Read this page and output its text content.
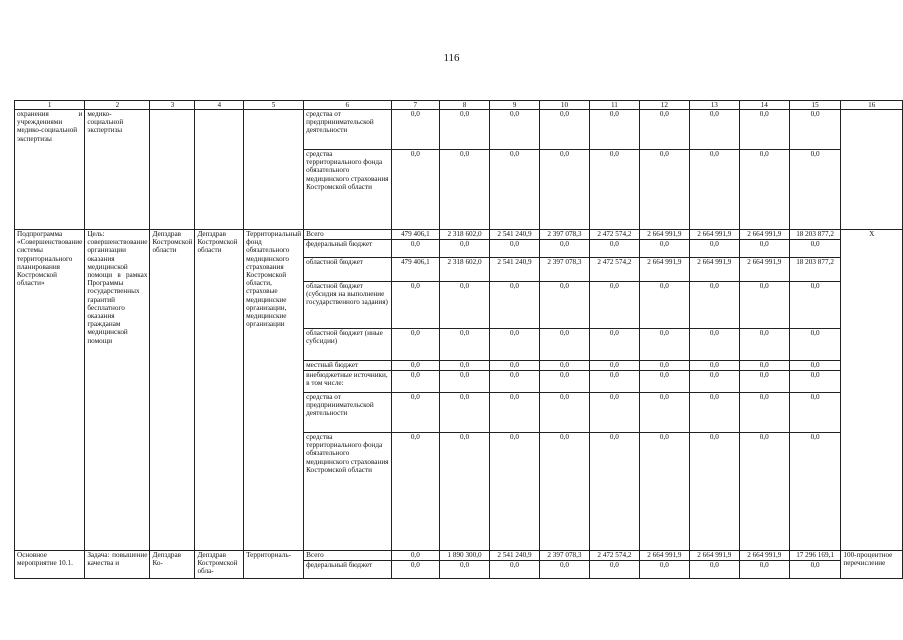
116
1	2	3	4	5	6	7	8	9	10	11	12	13	14	15	16
охранения и учреждениями медико-социальной экспертизы	медико-социальной экспертизы				средства от предпринимательской деятельности	0,0	0,0	0,0	0,0	0,0	0,0	0,0	0,0	0,0	
					средства территориального фонда обязательного медицинского страхования Костромской области	0,0	0,0	0,0	0,0	0,0	0,0	0,0	0,0	0,0	
Подпрограмма «Совершенствование системы территориального планирования Костромской области»	Цель: совершенствование организации оказания медицинской помощи в рамках Программы государственных гарантий бесплатного оказания гражданам медицинской помощи	Депздрав Костромской области	Депздрав Костромской области	Территориальный фонд обязательного медицинского страхования Костромской области, страховые медицинские организации, медицинские организации	Всего	479 406,1	2 318 602,0	2 541 240,9	2 397 078,3	2 472 574,2	2 664 991,9	2 664 991,9	2 664 991,9	18 203 877,2	Х
					федеральный бюджет	0,0	0,0	0,0	0,0	0,0	0,0	0,0	0,0	0,0	
					областной бюджет	479 406,1	2 318 602,0	2 541 240,9	2 397 078,3	2 472 574,2	2 664 991,9	2 664 991,9	2 664 991,9	18 203 877,2	
					областной бюджет (субсидия на выполнение государственного задания)	0,0	0,0	0,0	0,0	0,0	0,0	0,0	0,0	0,0	
					областной бюджет (иные субсидии)	0,0	0,0	0,0	0,0	0,0	0,0	0,0	0,0	0,0	
					местный бюджет	0,0	0,0	0,0	0,0	0,0	0,0	0,0	0,0	0,0	
					внебюджетные источники, в том числе:	0,0	0,0	0,0	0,0	0,0	0,0	0,0	0,0	0,0	
					средства от предпринимательской деятельности	0,0	0,0	0,0	0,0	0,0	0,0	0,0	0,0	0,0	
					средства территориального фонда обязательного медицинского страхования Костромской области	0,0	0,0	0,0	0,0	0,0	0,0	0,0	0,0	0,0	
Основное мероприятие 10.1.	Задача: повышение качества и	Депздрав Ко-	Депздрав Костромской обла-	Территориаль-	Всего	0,0	1 890 300,0	2 541 240,9	2 397 078,3	2 472 574,2	2 664 991,9	2 664 991,9	2 664 991,9	17 296 169,1	100-процентное перечисление
					федеральный бюджет	0,0	0,0	0,0	0,0	0,0	0,0	0,0	0,0	0,0	
